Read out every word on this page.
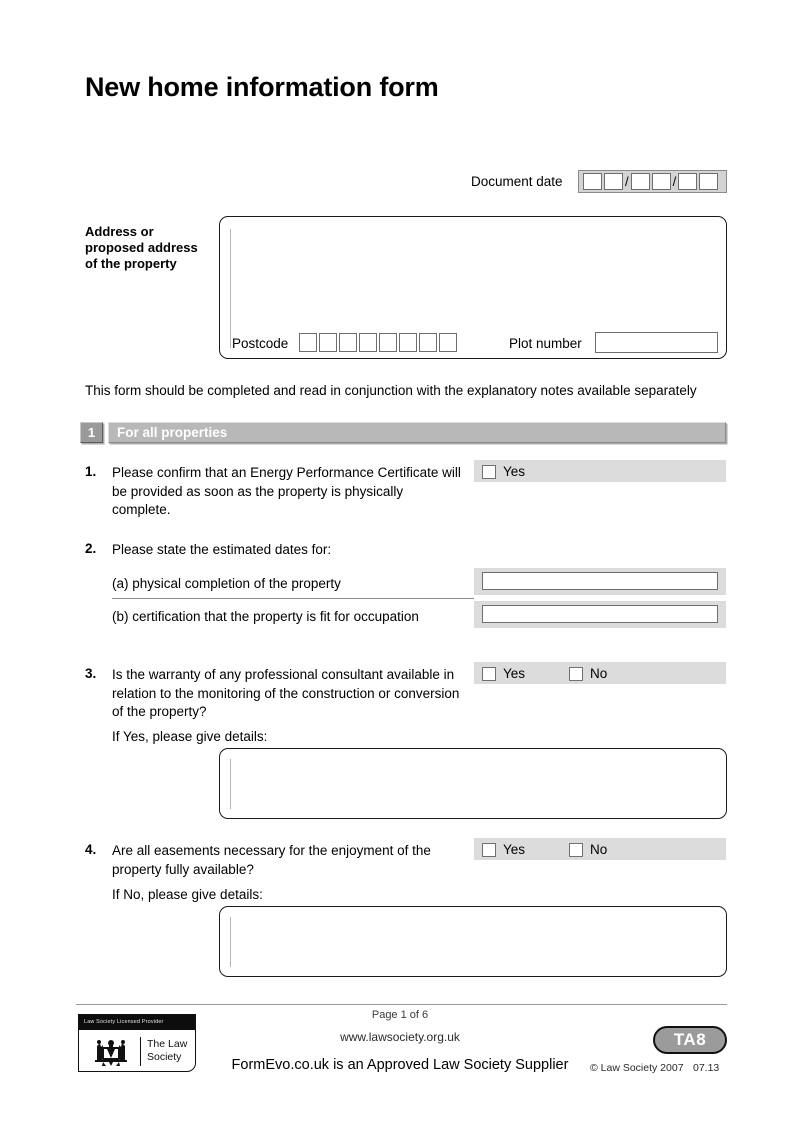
New home information form
Document date	/	/
Address or
proposed address
of the property
Postcode	Plot number
This form should be completed and read in conjunction with the explanatory notes available separately
1	For all properties
1.	Please confirm that an Energy Performance Certificate will be provided as soon as the property is physically complete.
Yes
2.	Please state the estimated dates for:
(a) physical completion of the property
(b) certification that the property is fit for occupation
3.	Is the warranty of any professional consultant available in relation to the monitoring of the construction or conversion of the property?
Yes	No
If Yes, please give details:
4.	Are all easements necessary for the enjoyment of the property fully available?
Yes	No
If No, please give details:
Page 1 of 6
www.lawsociety.org.uk
FormEvo.co.uk is an Approved Law Society Supplier	© Law Society 2007 07.13
Law Society Licensed Provider
The Law
Society
TA8
